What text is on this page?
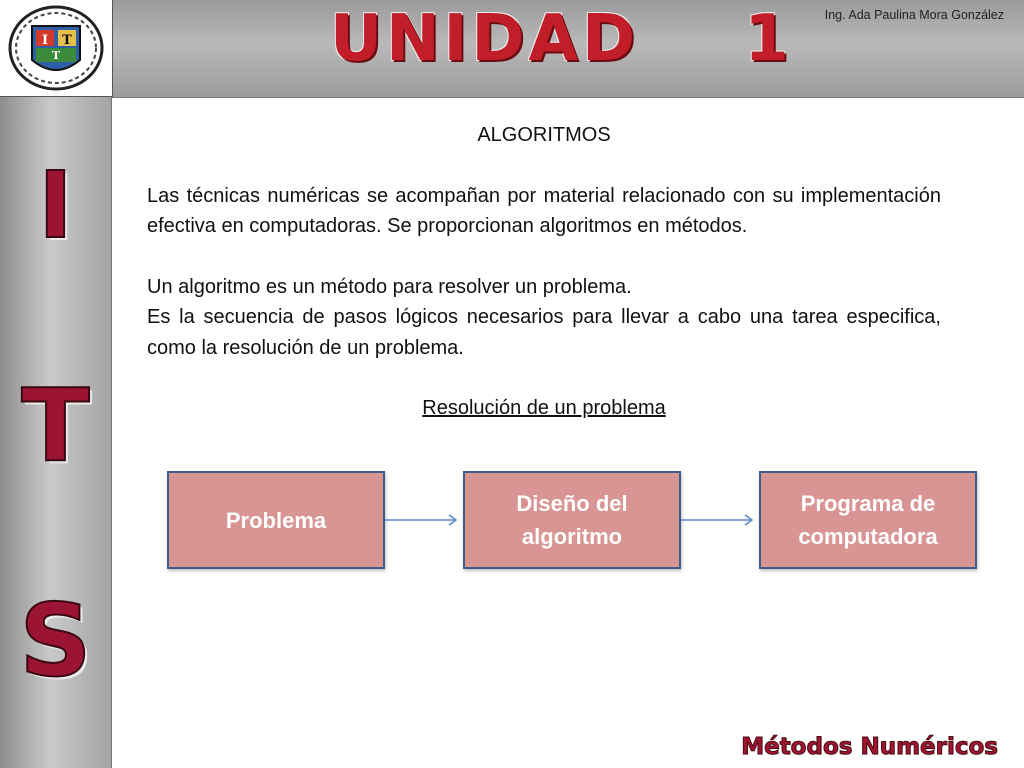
I T
T	UNIDAD    1	Ing. Ada Paulina Mora González
I
T
S

ALGORITMOS

Las técnicas numéricas se acompañan por material relacionado con su implementación efectiva en computadoras. Se proporcionan algoritmos en métodos.

Un algoritmo es un método para resolver un problema.

Es la secuencia de pasos lógicos necesarios para llevar a cabo una tarea especifica, como la resolución de un problema.

Resolución de un problema

Problema
Diseño del algoritmo
Programa de computadora
Métodos Numéricos
